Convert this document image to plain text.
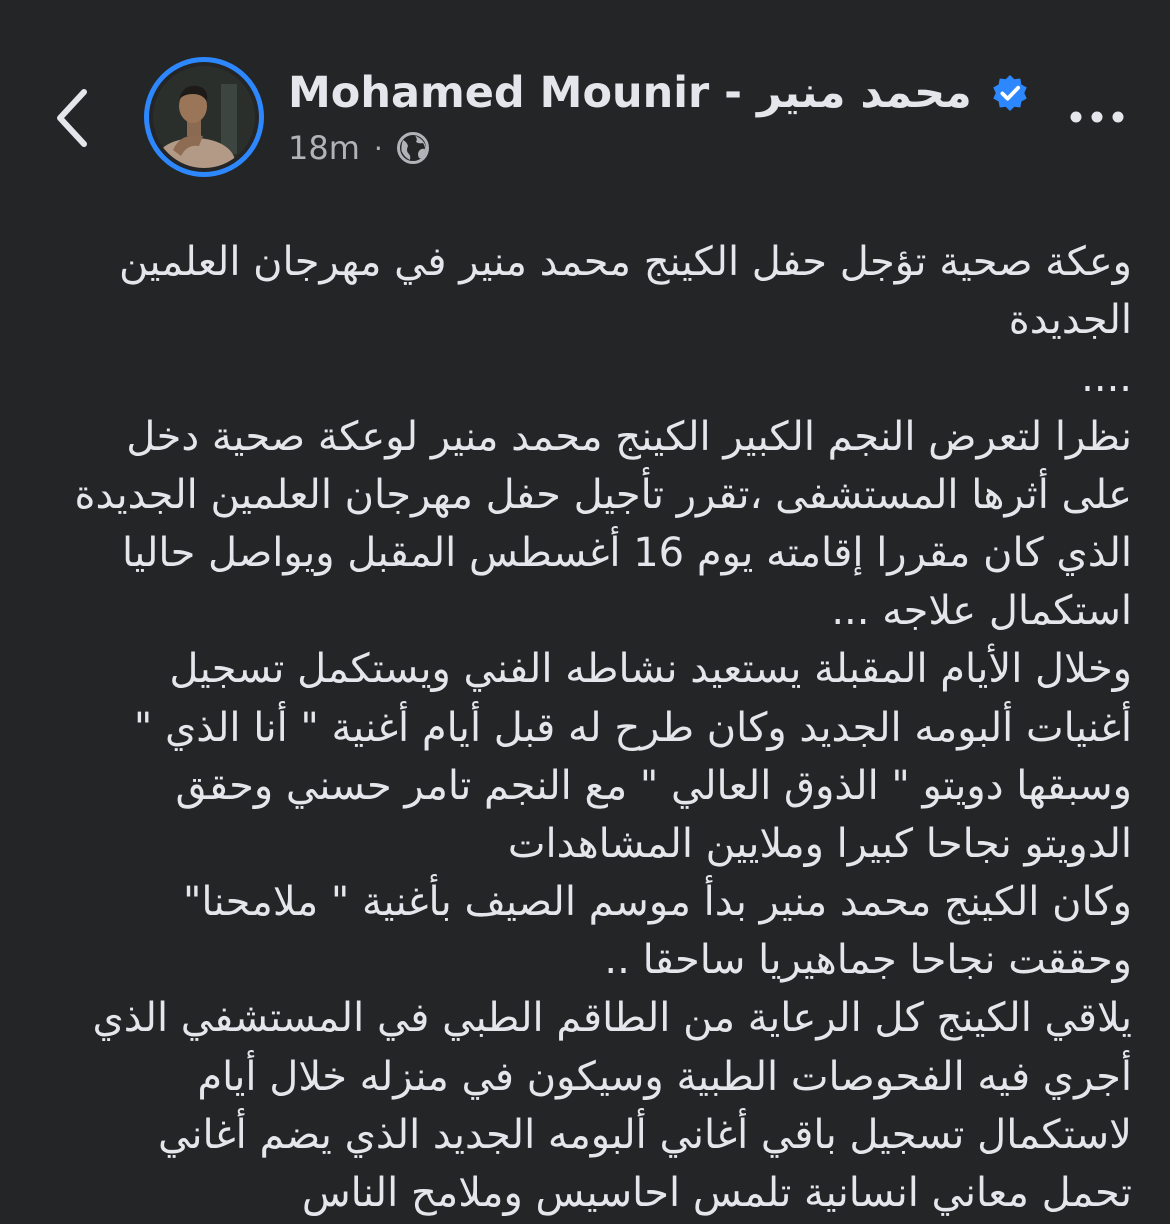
Mohamed Mounir - محمد منير
18m ·
وعكة صحية تؤجل حفل الكينج محمد منير في مهرجان العلمين
الجديدة
....
نظرا لتعرض النجم الكبير الكينج محمد منير لوعكة صحية دخل
على أثرها المستشفى ،تقرر تأجيل حفل مهرجان العلمين الجديدة
الذي كان مقررا إقامته يوم 16 أغسطس المقبل ويواصل حاليا
استكمال علاجه ...
وخلال الأيام المقبلة يستعيد نشاطه الفني ويستكمل تسجيل
أغنيات ألبومه الجديد وكان طرح له قبل أيام أغنية " أنا الذي "
وسبقها دويتو " الذوق العالي " مع النجم تامر حسني وحقق
الدويتو نجاحا كبيرا وملايين المشاهدات
وكان الكينج محمد منير بدأ موسم الصيف بأغنية " ملامحنا"
وحققت نجاحا جماهيريا ساحقا ..
يلاقي الكينج كل الرعاية من الطاقم الطبي في المستشفي الذي
أجري فيه الفحوصات الطبية وسيكون في منزله خلال أيام
لاستكمال تسجيل باقي أغاني ألبومه الجديد الذي يضم أغاني
تحمل معاني انسانية تلمس احاسيس وملامح الناس
